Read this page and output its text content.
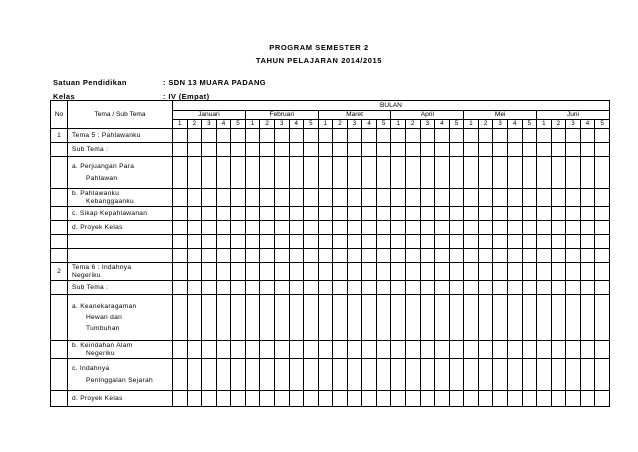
PROGRAM SEMESTER 2
TAHUN PELAJARAN 2014/2015
Satuan Pendidikan	: SDN 13 MUARA PADANG
Kelas	: IV (Empat)
No	Tema / Sub Tema	BULAN																													
		Januari					Februari					Maret					April					Mei					Juni				
		1	2	3	4	5	1	2	3	4	5	1	2	3	4	5	1	2	3	4	5	1	2	3	4	5	1	2	3	4	5
1	Tema 5 : Pahlawanku																														

	Sub Tema :																														

	a. Perjuangan Para
Pahlawan																														

	b. Pahlawanku
Kebanggaanku																														

	c. Sikap Kepahlawanan																														

	d. Proyek Kelas																														

2	Tema 6 : Indahnya
Negeriku																														

	Sub Tema :																														

	a. Keanekaragaman
Hewan dan
Tumbuhan																														

	b. Keindahan Alam
Negeriku																														

	c. Indahnya
Peninggalan Sejarah																														

	d. Proyek Kelas																														
